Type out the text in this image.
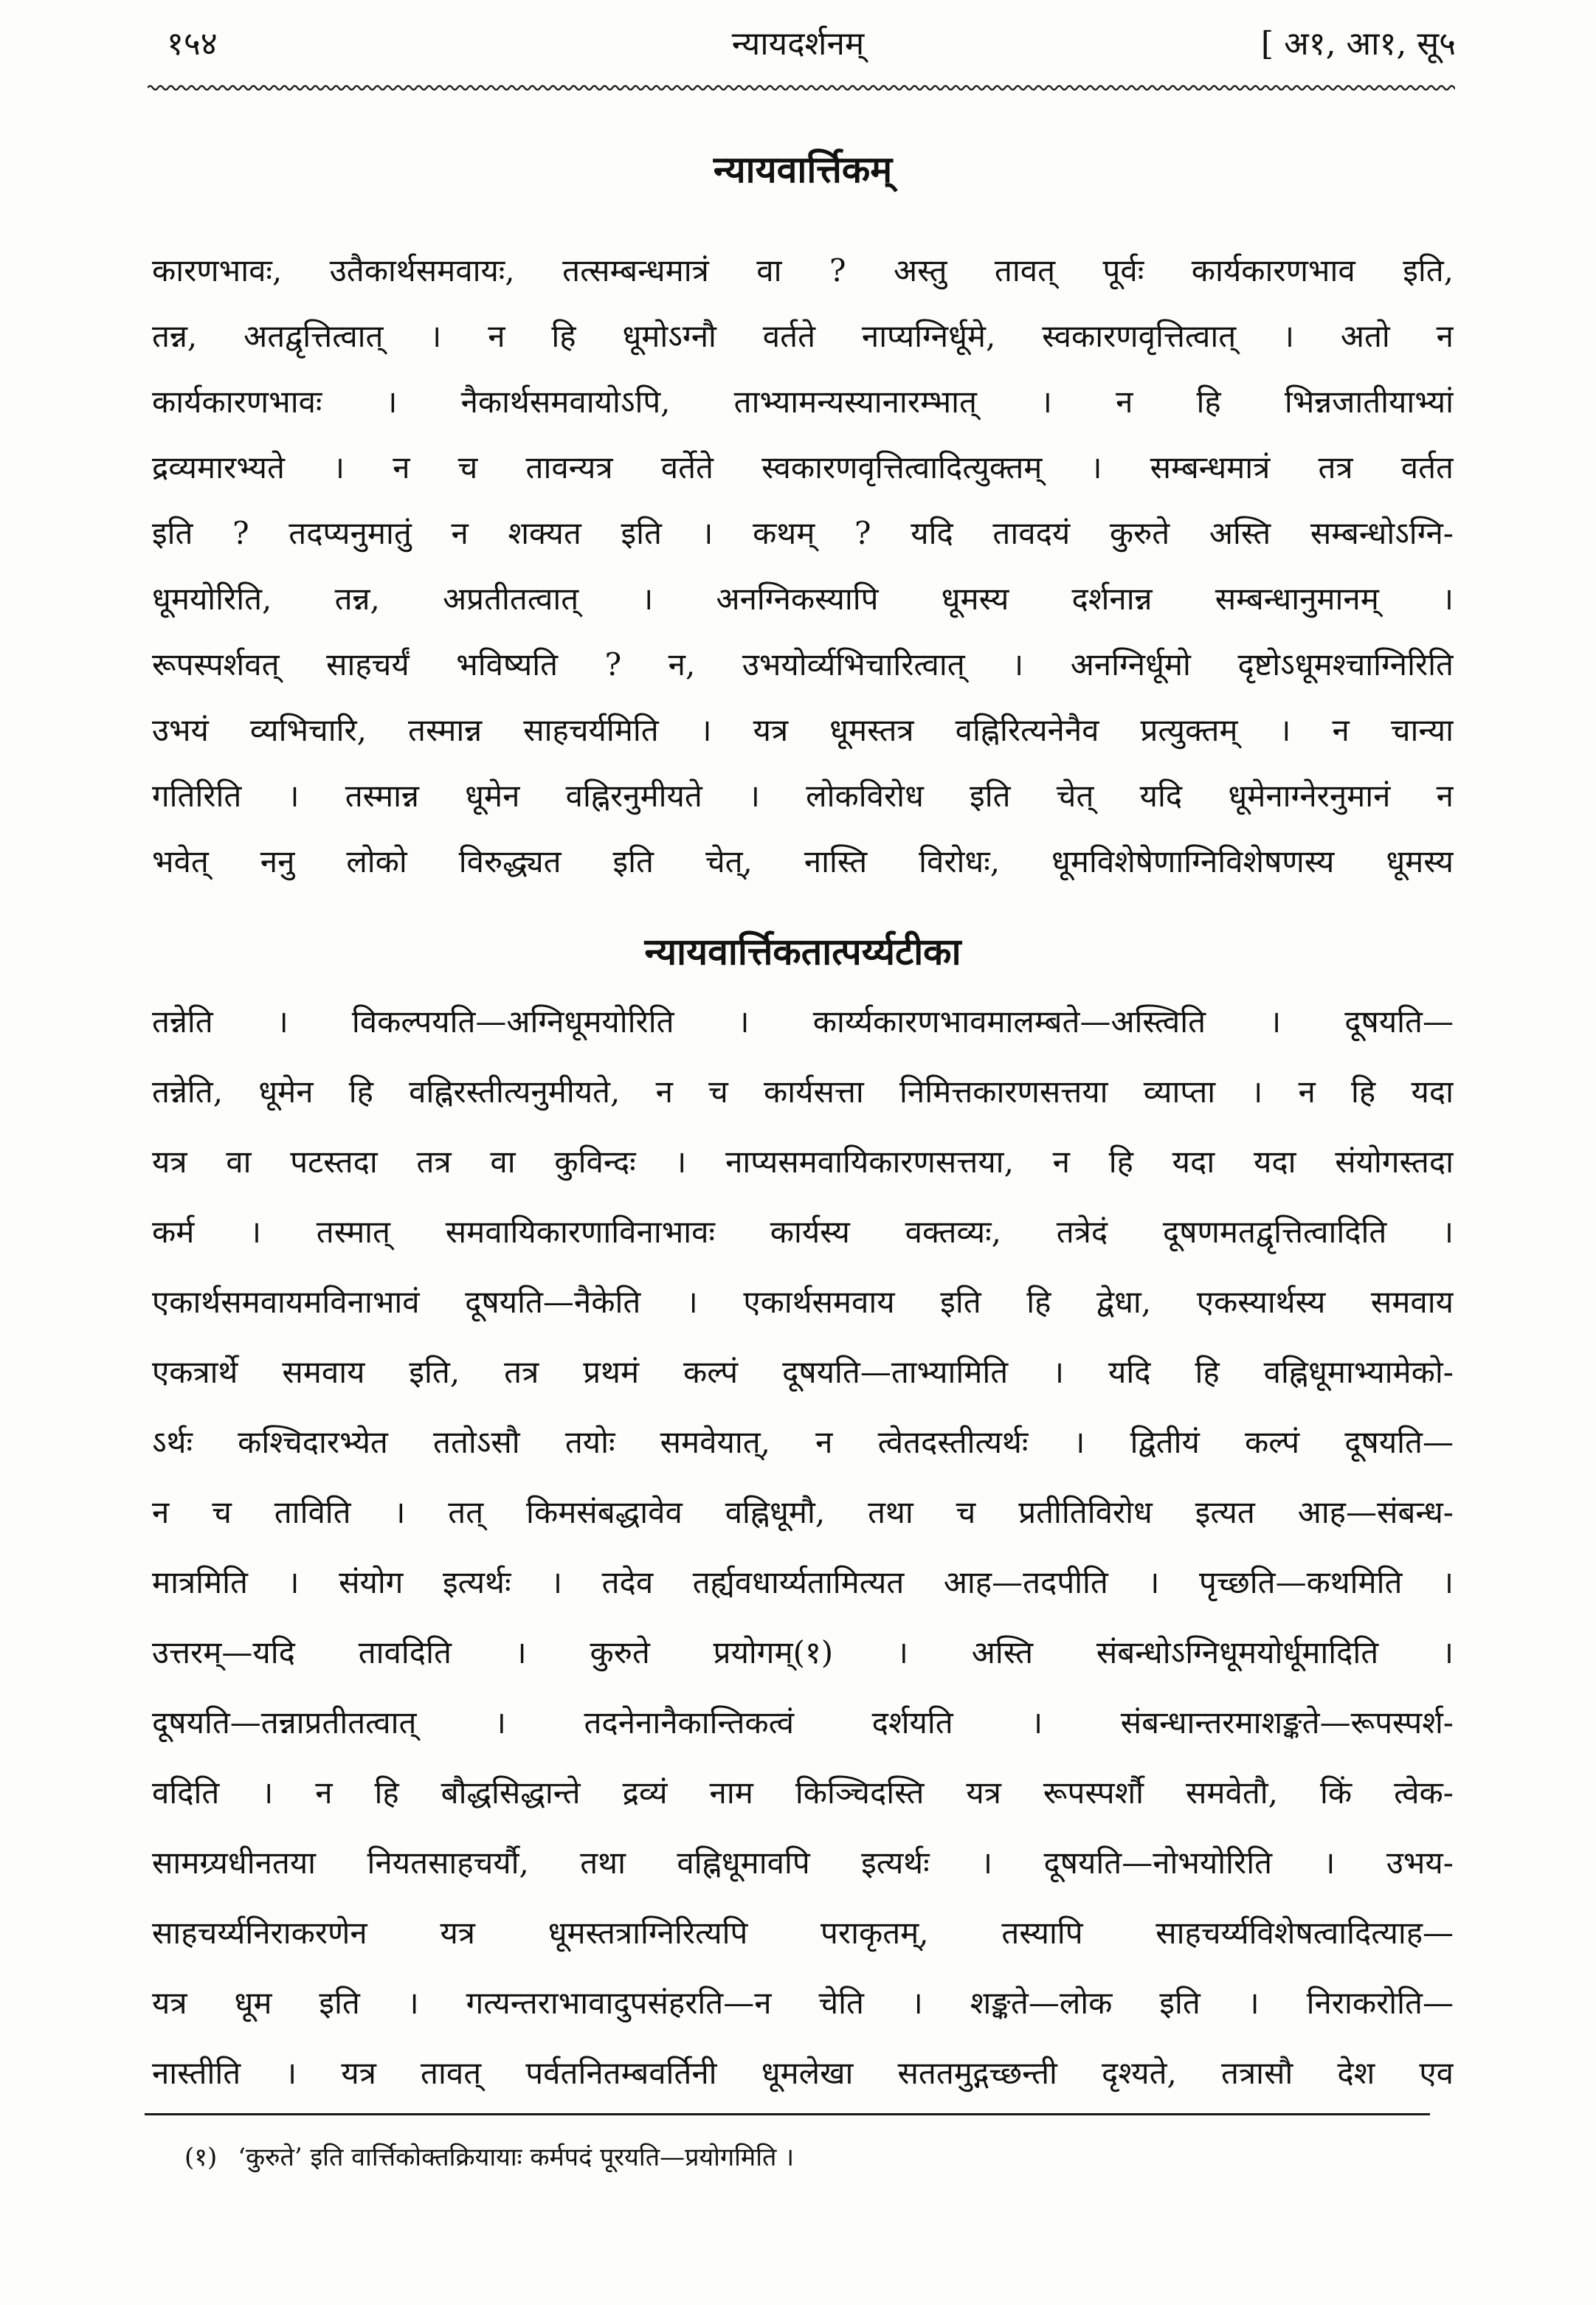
१५४	न्यायदर्शनम्	[ अ१, आ१, सू५
न्यायवार्त्तिकम्
कारणभावः, उतैकार्थसमवायः, तत्सम्बन्धमात्रं वा ? अस्तु तावत् पूर्वः कार्यकारणभाव इति,
तन्न, अतद्वृत्तित्वात् । न हि धूमोऽग्नौ वर्तते नाप्यग्निर्धूमे, स्वकारणवृत्तित्वात् । अतो न
कार्यकारणभावः । नैकार्थसमवायोऽपि, ताभ्यामन्यस्यानारम्भात् । न हि भिन्नजातीयाभ्यां
द्रव्यमारभ्यते । न च तावन्यत्र वर्तेते स्वकारणवृत्तित्वादित्युक्तम् । सम्बन्धमात्रं तत्र वर्तत
इति ? तदप्यनुमातुं न शक्यत इति । कथम् ? यदि तावदयं कुरुते अस्ति सम्बन्धोऽग्नि-
धूमयोरिति, तन्न, अप्रतीतत्वात् । अनग्निकस्यापि धूमस्य दर्शनान्न सम्बन्धानुमानम् ।
रूपस्पर्शवत् साहचर्यं भविष्यति ? न, उभयोर्व्यभिचारित्वात् । अनग्निर्धूमो दृष्टोऽधूमश्चाग्निरिति
उभयं व्यभिचारि, तस्मान्न साहचर्यमिति । यत्र धूमस्तत्र वह्निरित्यनेनैव प्रत्युक्तम् । न चान्या
गतिरिति । तस्मान्न धूमेन वह्निरनुमीयते । लोकविरोध इति चेत् यदि धूमेनाग्नेरनुमानं न
भवेत् ननु लोको विरुद्ध्यत इति चेत्, नास्ति विरोधः, धूमविशेषेणाग्निविशेषणस्य धूमस्य
न्यायवार्त्तिकतात्पर्य्यटीका
तन्नेति । विकल्पयति—अग्निधूमयोरिति । कार्य्यकारणभावमालम्बते—अस्त्विति । दूषयति—
तन्नेति, धूमेन हि वह्निरस्तीत्यनुमीयते, न च कार्यसत्ता निमित्तकारणसत्तया व्याप्ता । न हि यदा
यत्र वा पटस्तदा तत्र वा कुविन्दः । नाप्यसमवायिकारणसत्तया, न हि यदा यदा संयोगस्तदा
कर्म । तस्मात् समवायिकारणाविनाभावः कार्यस्य वक्तव्यः, तत्रेदं दूषणमतद्वृत्तित्वादिति ।
एकार्थसमवायमविनाभावं दूषयति—नैकेति । एकार्थसमवाय इति हि द्वेधा, एकस्यार्थस्य समवाय
एकत्रार्थे समवाय इति, तत्र प्रथमं कल्पं दूषयति—ताभ्यामिति । यदि हि वह्निधूमाभ्यामेको-
ऽर्थः कश्चिदारभ्येत ततोऽसौ तयोः समवेयात्, न त्वेतदस्तीत्यर्थः । द्वितीयं कल्पं दूषयति—
न च ताविति । तत् किमसंबद्धावेव वह्निधूमौ, तथा च प्रतीतिविरोध इत्यत आह—संबन्ध-
मात्रमिति । संयोग इत्यर्थः । तदेव तर्ह्यवधार्य्यतामित्यत आह—तदपीति । पृच्छति—कथमिति ।
उत्तरम्—यदि तावदिति । कुरुते प्रयोगम्(१) । अस्ति संबन्धोऽग्निधूमयोर्धूमादिति ।
दूषयति—तन्नाप्रतीतत्वात् । तदनेनानैकान्तिकत्वं दर्शयति । संबन्धान्तरमाशङ्कते—रूपस्पर्श-
वदिति । न हि बौद्धसिद्धान्ते द्रव्यं नाम किञ्चिदस्ति यत्र रूपस्पर्शौ समवेतौ, किं त्वेक-
सामग्र्यधीनतया नियतसाहचर्यौ, तथा वह्निधूमावपि इत्यर्थः । दूषयति—नोभयोरिति । उभय-
साहचर्य्यनिराकरणेन यत्र धूमस्तत्राग्निरित्यपि पराकृतम्, तस्यापि साहचर्य्यविशेषत्वादित्याह—
यत्र धूम इति । गत्यन्तराभावादुपसंहरति—न चेति । शङ्कते—लोक इति । निराकरोति—
नास्तीति । यत्र तावत् पर्वतनितम्बवर्तिनी धूमलेखा सततमुद्गच्छन्ती दृश्यते, तत्रासौ देश एव
(१) ‘कुरुते’ इति वार्त्तिकोक्तक्रियायाः कर्मपदं पूरयति—प्रयोगमिति ।
